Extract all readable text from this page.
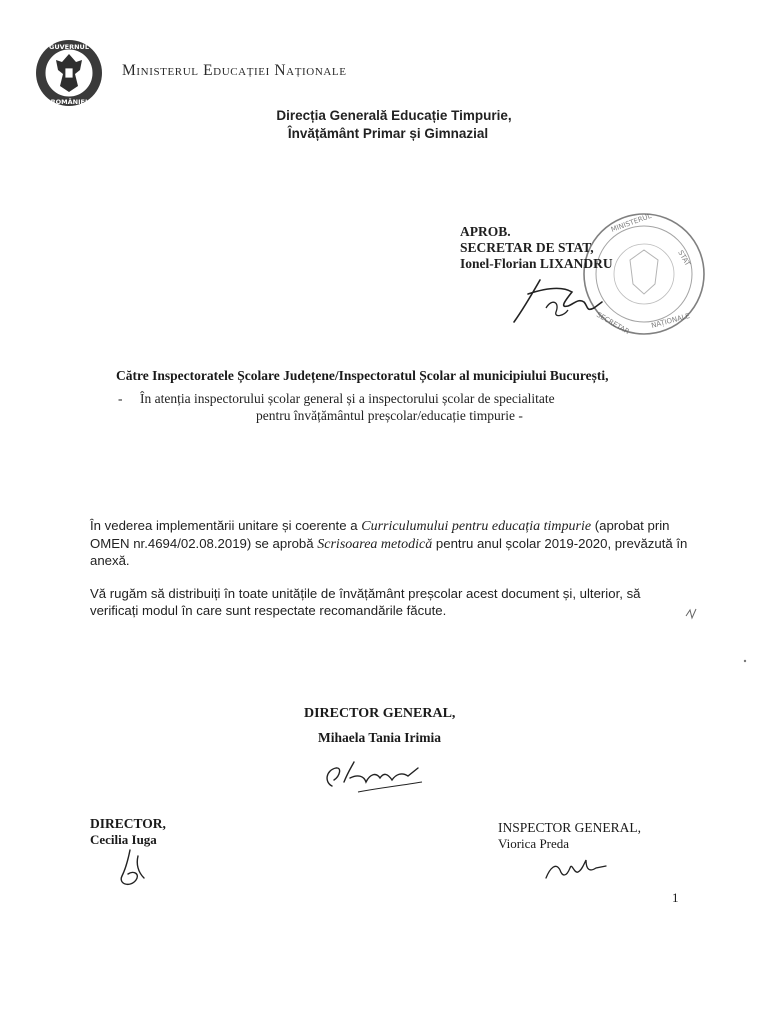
GUVERNUL
ROMÂNIEI
Ministerul Educației Naționale
Direcția Generală Educație Timpurie,
Învățământ Primar și Gimnazial
MINISTERUL
STAT
NAȚIONALE
SECRETAR
APROB.
SECRETAR DE STAT,
Ionel-Florian LIXANDRU
Către Inspectoratele Școlare Județene/Inspectoratul Școlar al municipiului București,
- În atenția inspectorului școlar general și a inspectorului școlar de specialitate
pentru învățământul preșcolar/educație timpurie -
În vederea implementării unitare și coerente a Curriculumului pentru educația timpurie (aprobat prin OMEN nr.4694/02.08.2019) se aprobă Scrisoarea metodică pentru anul școlar 2019-2020, prevăzută în anexă.
Vă rugăm să distribuiți în toate unitățile de învățământ preșcolar acest document și, ulterior, să verificați modul în care sunt respectate recomandările făcute.
DIRECTOR GENERAL,
Mihaela Tania Irimia
DIRECTOR,
Cecilia Iuga
INSPECTOR GENERAL,
Viorica Preda
1
